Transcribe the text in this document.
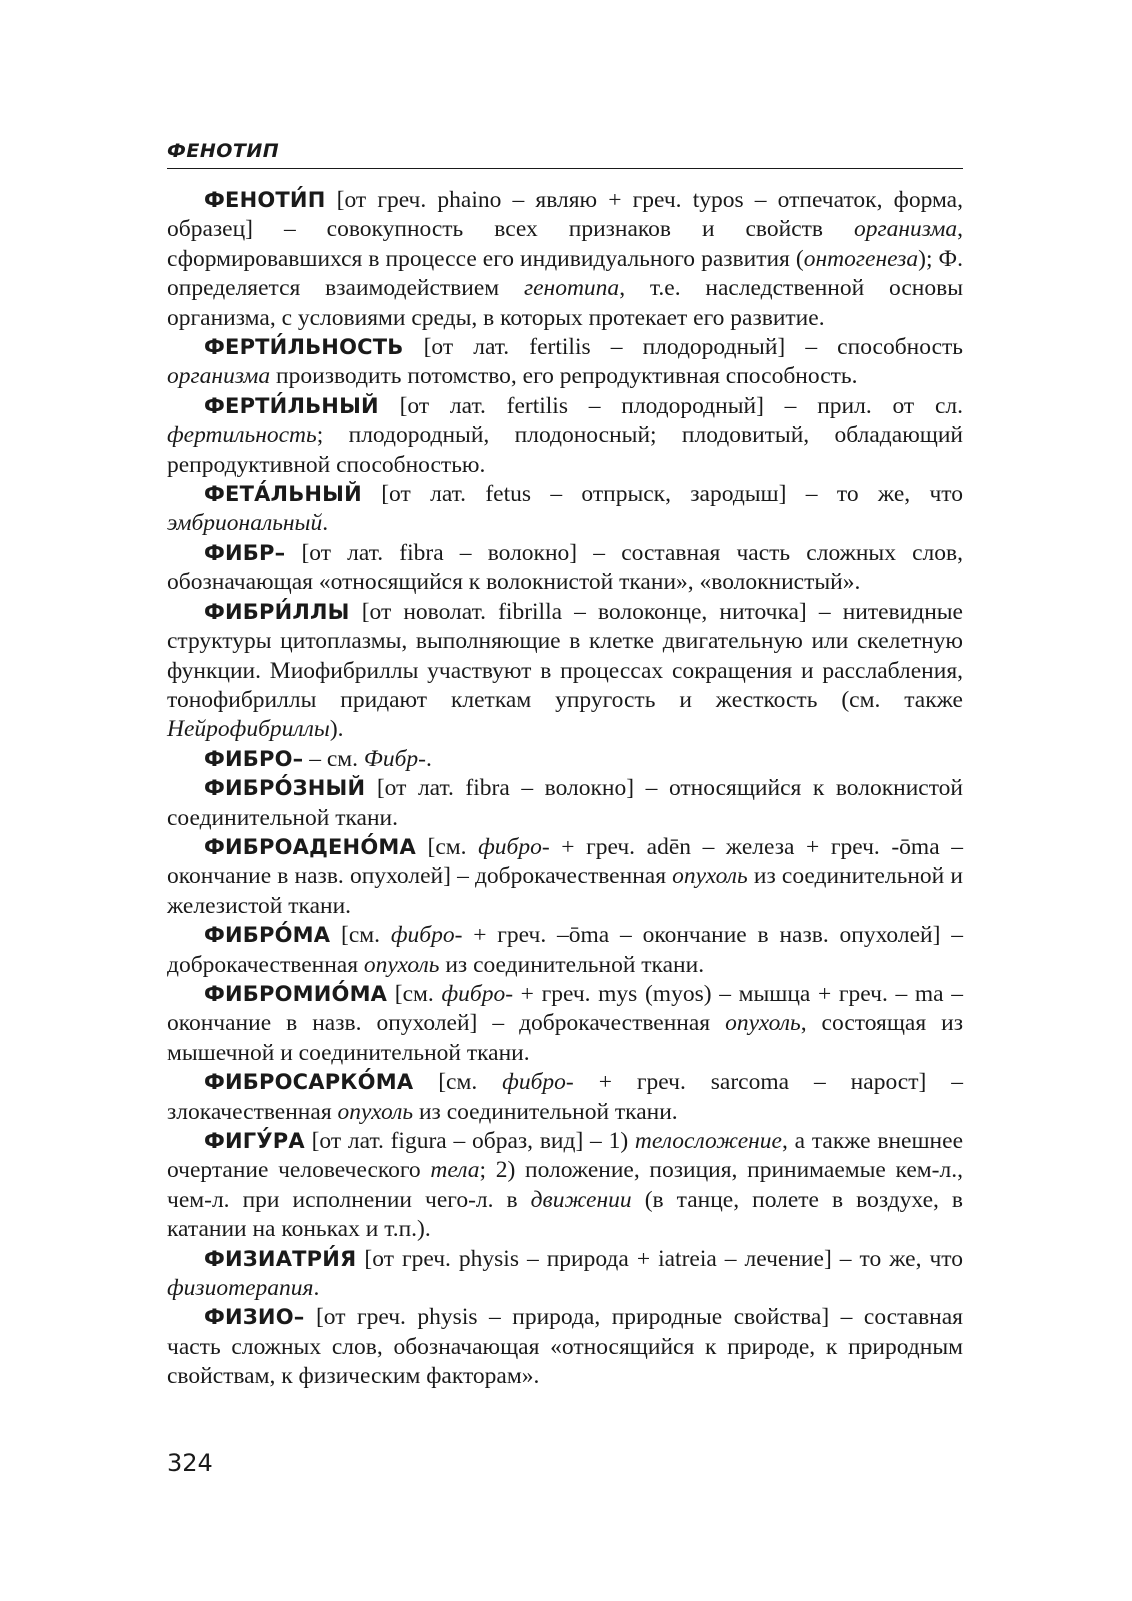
ФЕНОТИП

ФЕНОТИ́П [от греч. phaino – являю + греч. typos – отпечаток, форма, образец] – совокупность всех признаков и свойств организма, сформировавшихся в процессе его индивидуального развития (онтогенеза); Ф. определяется взаимодействием генотипа, т.е. наследственной основы организма, с условиями среды, в которых протекает его развитие.

ФЕРТИ́ЛЬНОСТЬ [от лат. fertilis – плодородный] – способность организма производить потомство, его репродуктивная способность.

ФЕРТИ́ЛЬНЫЙ [от лат. fertilis – плодородный] – прил. от сл. фертильность; плодородный, плодоносный; плодовитый, обладающий репродуктивной способностью.

ФЕТА́ЛЬНЫЙ [от лат. fetus – отпрыск, зародыш] – то же, что эмбриональный.

ФИБР– [от лат. fibra – волокно] – составная часть сложных слов, обозначающая «относящийся к волокнистой ткани», «волокнистый».

ФИБРИ́ЛЛЫ [от новолат. fibrilla – волоконце, ниточка] – нитевидные структуры цитоплазмы, выполняющие в клетке двигательную или скелетную функции. Миофибриллы участвуют в процессах сокращения и расслабления, тонофибриллы придают клеткам упругость и жесткость (см. также Нейрофибриллы).

ФИБРО– – см. Фибр-.

ФИБРО́ЗНЫЙ [от лат. fibra – волокно] – относящийся к волокнистой соединительной ткани.

ФИБРОАДЕНО́МА [см. фибро- + греч. adēn – железа + греч. -ōma – окончание в назв. опухолей] – доброкачественная опухоль из соединительной и железистой ткани.

ФИБРО́МА [см. фибро- + греч. –ōma – окончание в назв. опухолей] – доброкачественная опухоль из соединительной ткани.

ФИБРОМИО́МА [см. фибро- + греч. mys (myos) – мышца + греч. – ma – окончание в назв. опухолей] – доброкачественная опухоль, состоящая из мышечной и соединительной ткани.

ФИБРОСАРКО́МА [см. фибро- + греч. sarcoma – нарост] – злокачественная опухоль из соединительной ткани.

ФИГУ́РА [от лат. figura – образ, вид] – 1) телосложение, а также внешнее очертание человеческого тела; 2) положение, позиция, принимаемые кем-л., чем-л. при исполнении чего-л. в движении (в танце, полете в воздухе, в катании на коньках и т.п.).

ФИЗИАТРИ́Я [от греч. physis – природа + iatreia – лечение] – то же, что физиотерапия.

ФИЗИО– [от греч. physis – природа, природные свойства] – составная часть сложных слов, обозначающая «относящийся к природе, к природным свойствам, к физическим факторам».

324
